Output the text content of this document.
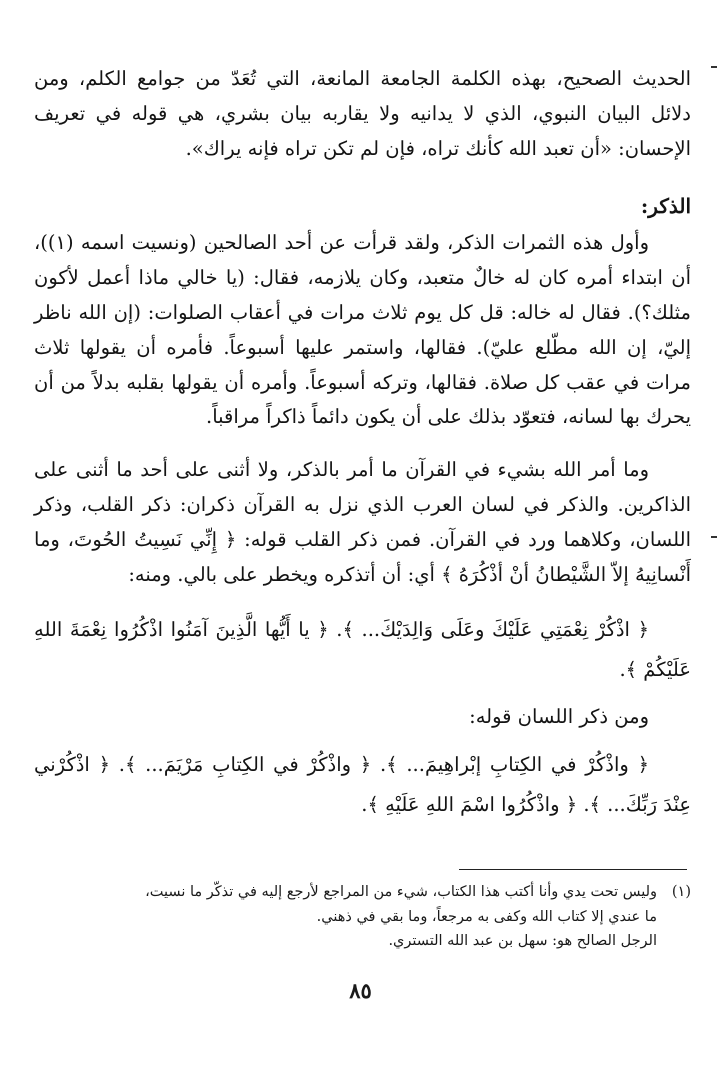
الحديث الصحيح، بهذه الكلمة الجامعة المانعة، التي تُعَدّ من جوامع الكلم، ومن دلائل البيان النبوي، الذي لا يدانيه ولا يقاربه بيان بشري، هي قوله في تعريف الإحسان: «أن تعبد الله كأنك تراه، فإن لم تكن تراه فإنه يراك».

الذكر:

وأول هذه الثمرات الذكر، ولقد قرأت عن أحد الصالحين (ونسيت اسمه (١))، أن ابتداء أمره كان له خالٌ متعبد، وكان يلازمه، فقال: (يا خالي ماذا أعمل لأكون مثلك؟). فقال له خاله: قل كل يوم ثلاث مرات في أعقاب الصلوات: (إن الله ناظر إليّ، إن الله مطّلع عليّ). فقالها، واستمر عليها أسبوعاً. فأمره أن يقولها ثلاث مرات في عقب كل صلاة. فقالها، وتركه أسبوعاً. وأمره أن يقولها بقلبه بدلاً من أن يحرك بها لسانه، فتعوّد بذلك على أن يكون دائماً ذاكراً مراقباً.

وما أمر الله بشيء في القرآن ما أمر بالذكر، ولا أثنى على أحد ما أثنى على الذاكرين. والذكر في لسان العرب الذي نزل به القرآن ذكران: ذكر القلب، وذكر اللسان، وكلاهما ورد في القرآن. فمن ذكر القلب قوله: ﴿ إِنِّي نَسِيتُ الحُوتَ، وما أَنْسانِيهُ إلاّ الشَّيْطانُ أنْ أذْكُرَهُ ﴾ أي: أن أتذكره ويخطر على بالي. ومنه:

﴿ اذْكُرْ نِعْمَتِي عَلَيْكَ وعَلَى وَالِدَيْكَ... ﴾. ﴿ يا أَيُّها الَّذِينَ آمَنُوا اذْكُرُوا نِعْمَةَ اللهِ عَلَيْكُمْ ﴾.

ومن ذكر اللسان قوله:

﴿ واذْكُرْ في الكِتابِ إبْراهِيمَ... ﴾. ﴿ واذْكُرْ في الكِتابِ مَرْيَمَ... ﴾. ﴿ اذْكُرْني عِنْدَ رَبِّكَ... ﴾. ﴿ واذْكُرُوا اسْمَ اللهِ عَلَيْهِ ﴾.

(١)وليس تحت يدي وأنا أكتب هذا الكتاب، شيء من المراجع لأرجع إليه في تذكّر ما نسيت،

ما عندي إلا كتاب الله وكفى به مرجعاً، وما بقي في ذهني.

الرجل الصالح هو: سهل بن عبد الله التستري.

٨٥
